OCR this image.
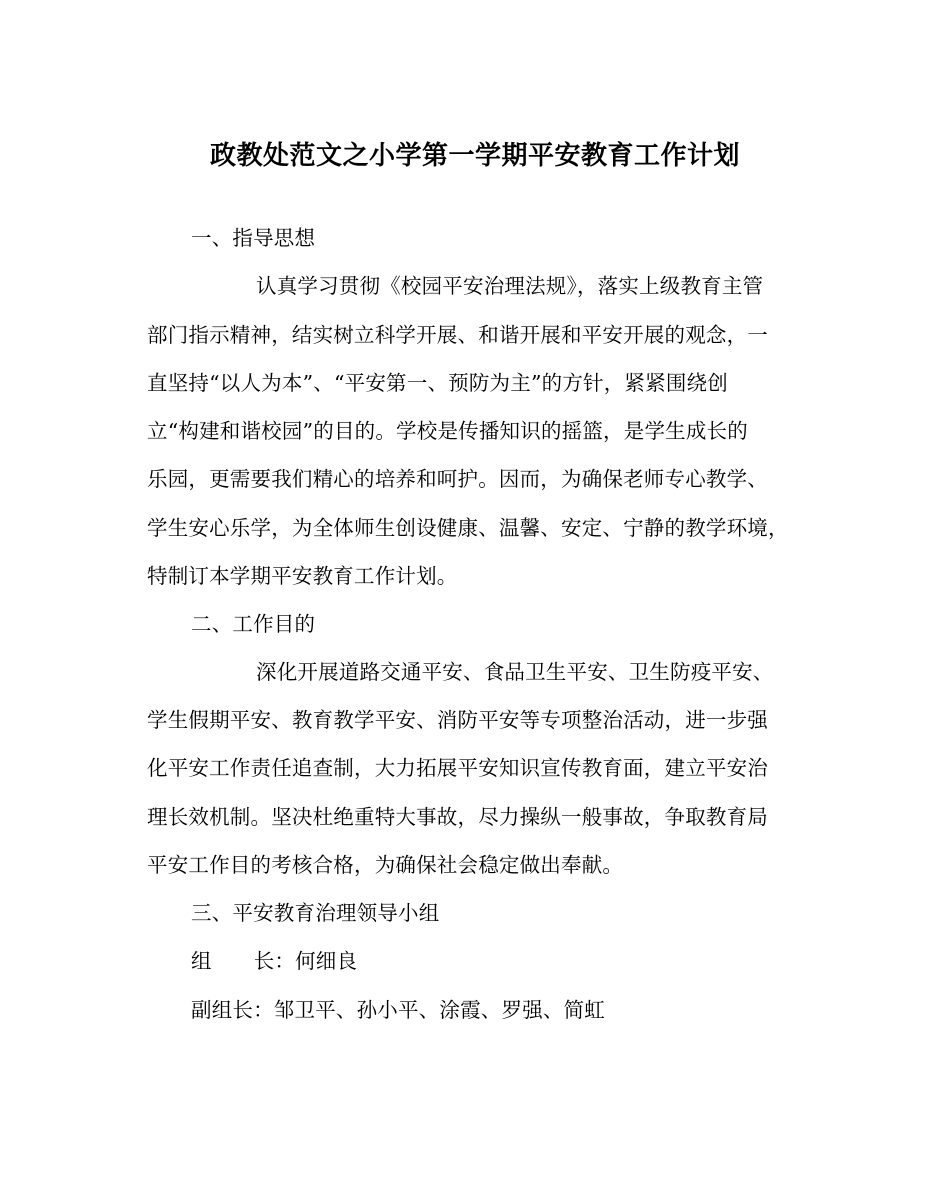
政教处范文之小学第一学期平安教育工作计划
一、指导思想
认真学习贯彻《校园平安治理法规》，落实上级教育主管
部门指示精神，结实树立科学开展、和谐开展和平安开展的观念，一
直坚持“以人为本”、“平安第一、预防为主”的方针，紧紧围绕创
立“构建和谐校园”的目的。学校是传播知识的摇篮，是学生成长的
乐园，更需要我们精心的培养和呵护。因而，为确保老师专心教学、
学生安心乐学，为全体师生创设健康、温馨、安定、宁静的教学环境，
特制订本学期平安教育工作计划。
二、工作目的
深化开展道路交通平安、食品卫生平安、卫生防疫平安、
学生假期平安、教育教学平安、消防平安等专项整治活动，进一步强
化平安工作责任追查制，大力拓展平安知识宣传教育面，建立平安治
理长效机制。坚决杜绝重特大事故，尽力操纵一般事故，争取教育局
平安工作目的考核合格，为确保社会稳定做出奉献。
三、平安教育治理领导小组
组 长：何细良
副组长：邹卫平、孙小平、涂霞、罗强、简虹
